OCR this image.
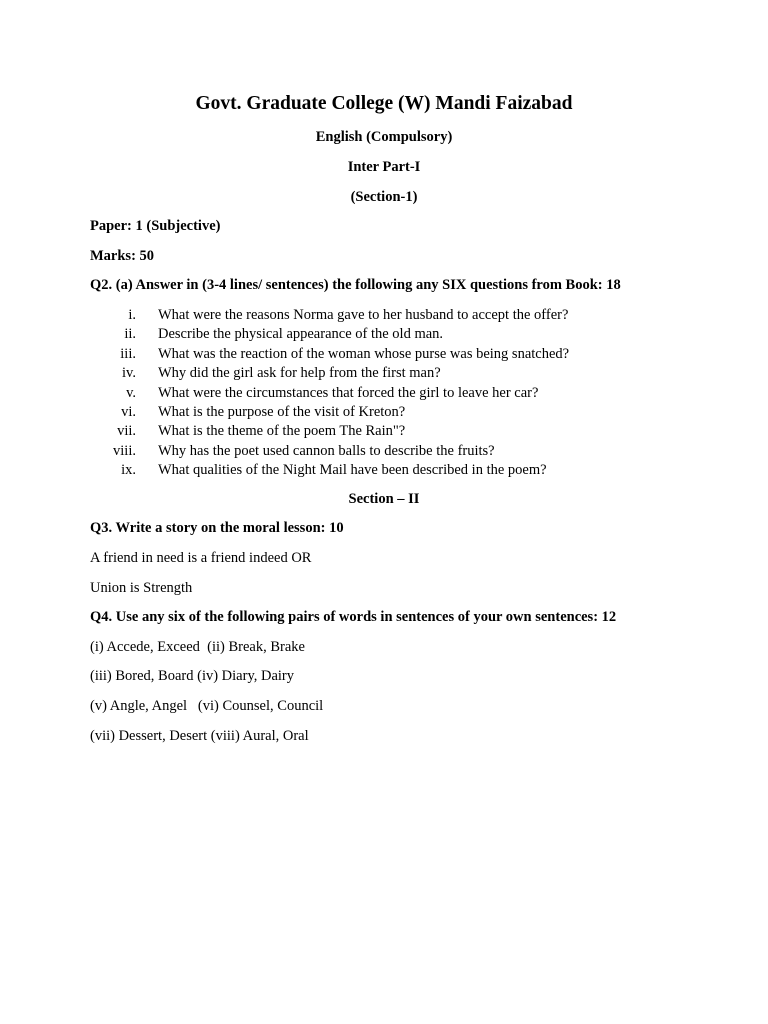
Govt. Graduate College (W) Mandi Faizabad
English (Compulsory)
Inter Part-I
(Section-1)
Paper: 1 (Subjective)
Marks: 50
Q2. (a) Answer in (3-4 lines/ sentences) the following any SIX questions from Book: 18
i. What were the reasons Norma gave to her husband to accept the offer?
ii. Describe the physical appearance of the old man.
iii. What was the reaction of the woman whose purse was being snatched?
iv. Why did the girl ask for help from the first man?
v. What were the circumstances that forced the girl to leave her car?
vi. What is the purpose of the visit of Kreton?
vii. What is the theme of the poem The Rain"?
viii. Why has the poet used cannon balls to describe the fruits?
ix. What qualities of the Night Mail have been described in the poem?
Section – II
Q3. Write a story on the moral lesson: 10
A friend in need is a friend indeed OR
Union is Strength
Q4. Use any six of the following pairs of words in sentences of your own sentences: 12
(i) Accede, Exceed  (ii) Break, Brake
(iii) Bored, Board (iv) Diary, Dairy
(v) Angle, Angel   (vi) Counsel, Council
(vii) Dessert, Desert (viii) Aural, Oral
